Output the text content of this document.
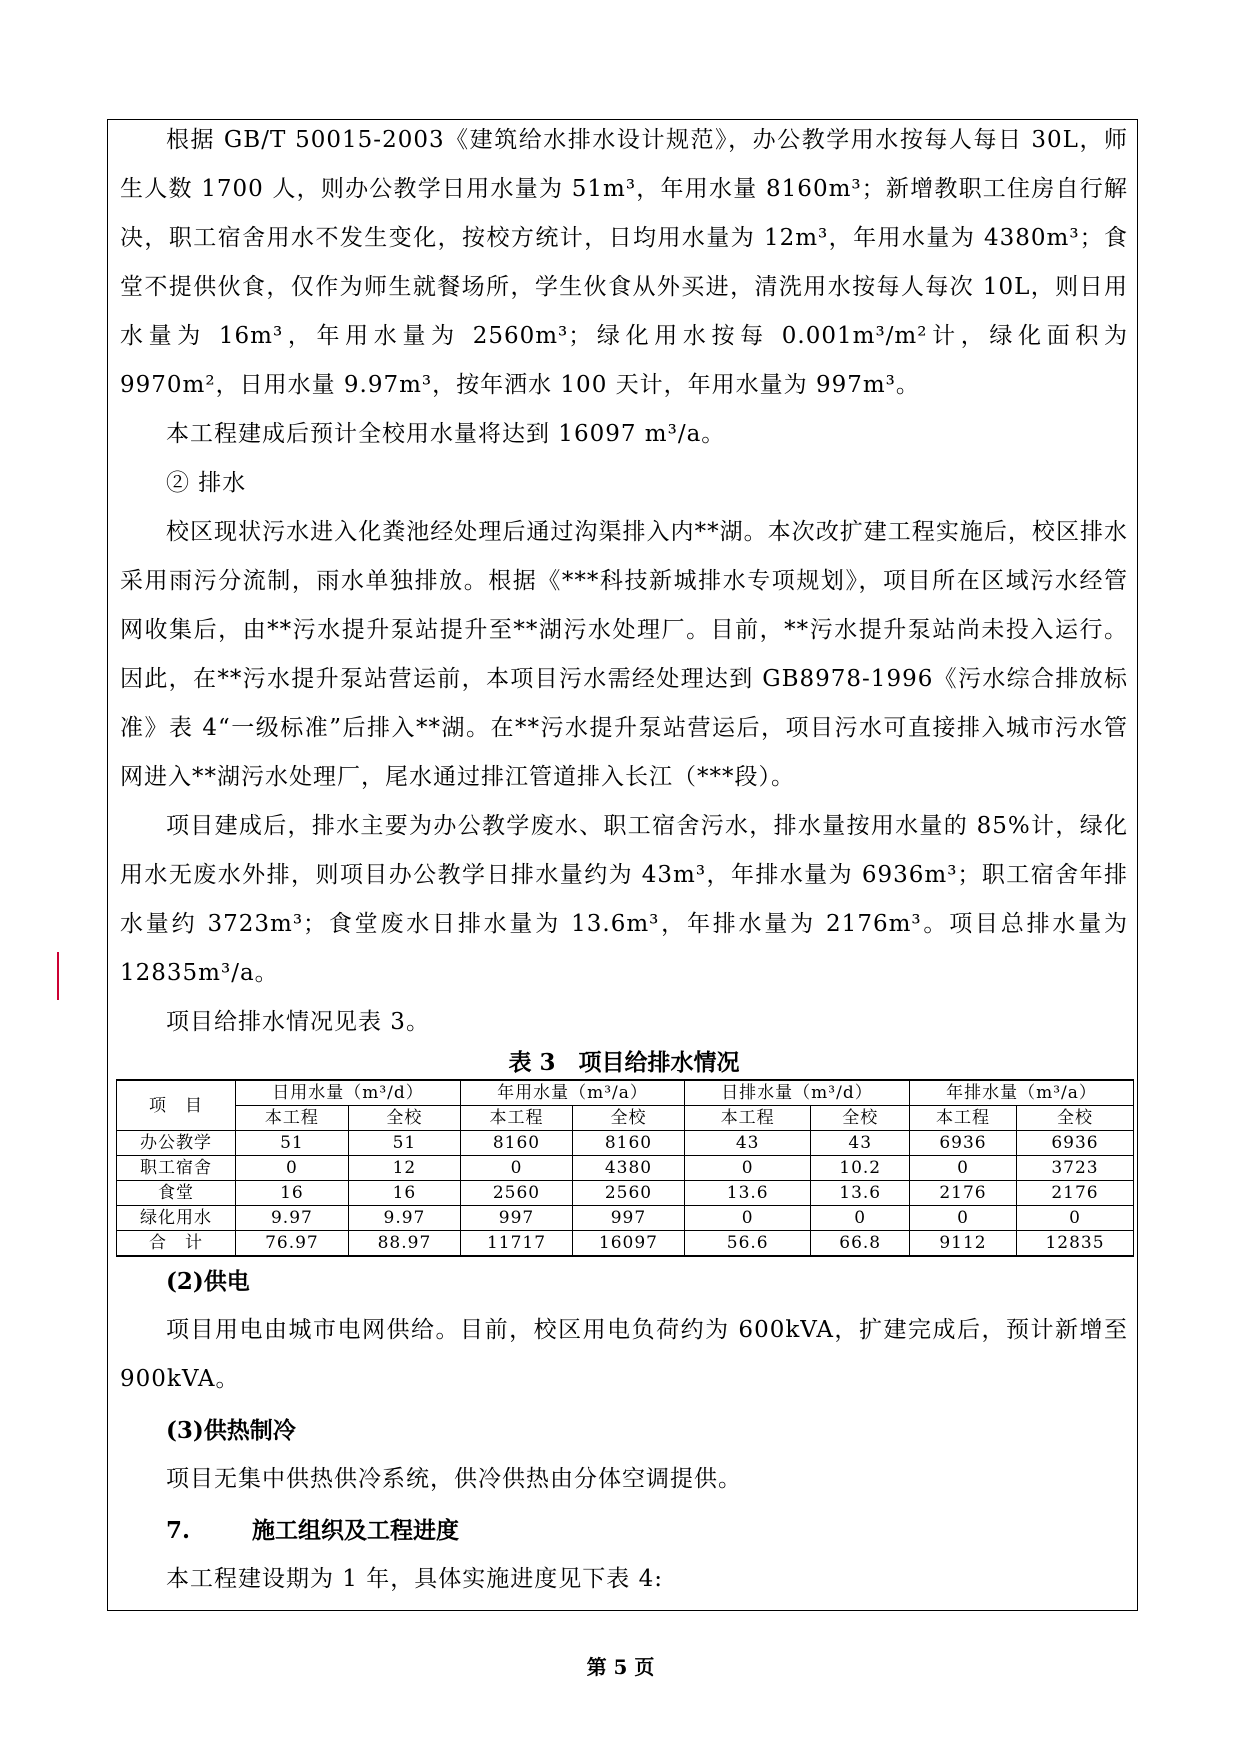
根据 GB/T 50015-2003《建筑给水排水设计规范》，办公教学用水按每人每日 30L，师生人数 1700 人，则办公教学日用水量为 51m³，年用水量 8160m³；新增教职工住房自行解决，职工宿舍用水不发生变化，按校方统计，日均用水量为 12m³，年用水量为 4380m³；食堂不提供伙食，仅作为师生就餐场所，学生伙食从外买进，清洗用水按每人每次 10L，则日用水量为 16m³，年用水量为 2560m³；绿化用水按每 0.001m³/m²计，绿化面积为 9970m²，日用水量 9.97m³，按年洒水 100 天计，年用水量为 997m³。

本工程建成后预计全校用水量将达到 16097 m³/a。

② 排水

校区现状污水进入化粪池经处理后通过沟渠排入内**湖。本次改扩建工程实施后，校区排水采用雨污分流制，雨水单独排放。根据《***科技新城排水专项规划》，项目所在区域污水经管网收集后，由**污水提升泵站提升至**湖污水处理厂。目前，**污水提升泵站尚未投入运行。因此，在**污水提升泵站营运前，本项目污水需经处理达到 GB8978-1996《污水综合排放标准》表 4“一级标准”后排入**湖。在**污水提升泵站营运后，项目污水可直接排入城市污水管网进入**湖污水处理厂，尾水通过排江管道排入长江（***段）。

项目建成后，排水主要为办公教学废水、职工宿舍污水，排水量按用水量的 85%计，绿化用水无废水外排，则项目办公教学日排水量约为 43m³，年排水量为 6936m³；职工宿舍年排水量约 3723m³；食堂废水日排水量为 13.6m³，年排水量为 2176m³。项目总排水量为 12835m³/a。

项目给排水情况见表 3。

表 3　项目给排水情况

项　目	日用水量（m³/d）		年用水量（m³/a）		日排水量（m³/d）		年排水量（m³/a）	
	本工程	全校	本工程	全校	本工程	全校	本工程	全校
办公教学	51	51	8160	8160	43	43	6936	6936
职工宿舍	0	12	0	4380	0	10.2	0	3723
食堂	16	16	2560	2560	13.6	13.6	2176	2176
绿化用水	9.97	9.97	997	997	0	0	0	0
合　计	76.97	88.97	11717	16097	56.6	66.8	9112	12835

(2)供电

项目用电由城市电网供给。目前，校区用电负荷约为 600kVA，扩建完成后，预计新增至 900kVA。

(3)供热制冷

项目无集中供热供冷系统，供冷供热由分体空调提供。

7.	施工组织及工程进度

本工程建设期为 1 年，具体实施进度见下表 4:

第 5 页
